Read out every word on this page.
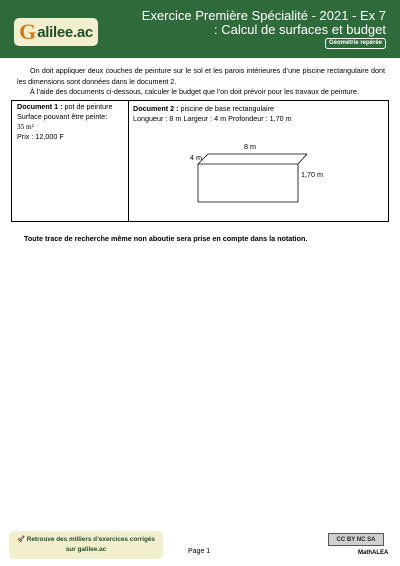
G alilee.ac
Exercice Première Spécialité - 2021 - Ex 7 : Calcul de surfaces et budget
Géométrie repérée

On doit appliquer deux couches de peinture sur le sol et les parois intérieures d’une piscine rectangulaire dont les dimensions sont données dans le document 2.

À l’aide des documents ci-dessous, calculer le budget que l’on doit prévoir pour les travaux de peinture.

Document 1 : pot de peinture
Surface pouvant être peinte:
35 m²
Prix : 12,000 F
Document 2 : piscine de base rectangulaire
Longueur : 8 m Largeur : 4 m Profondeur : 1,70 m
8 m
4 m
1,70 m
Toute trace de recherche même non aboutie sera prise en compte dans la notation.
🚀 Retrouve des milliers d’exercices corrigés sur galilee.ac	Page 1
CC BY NC SA
MathALEA
